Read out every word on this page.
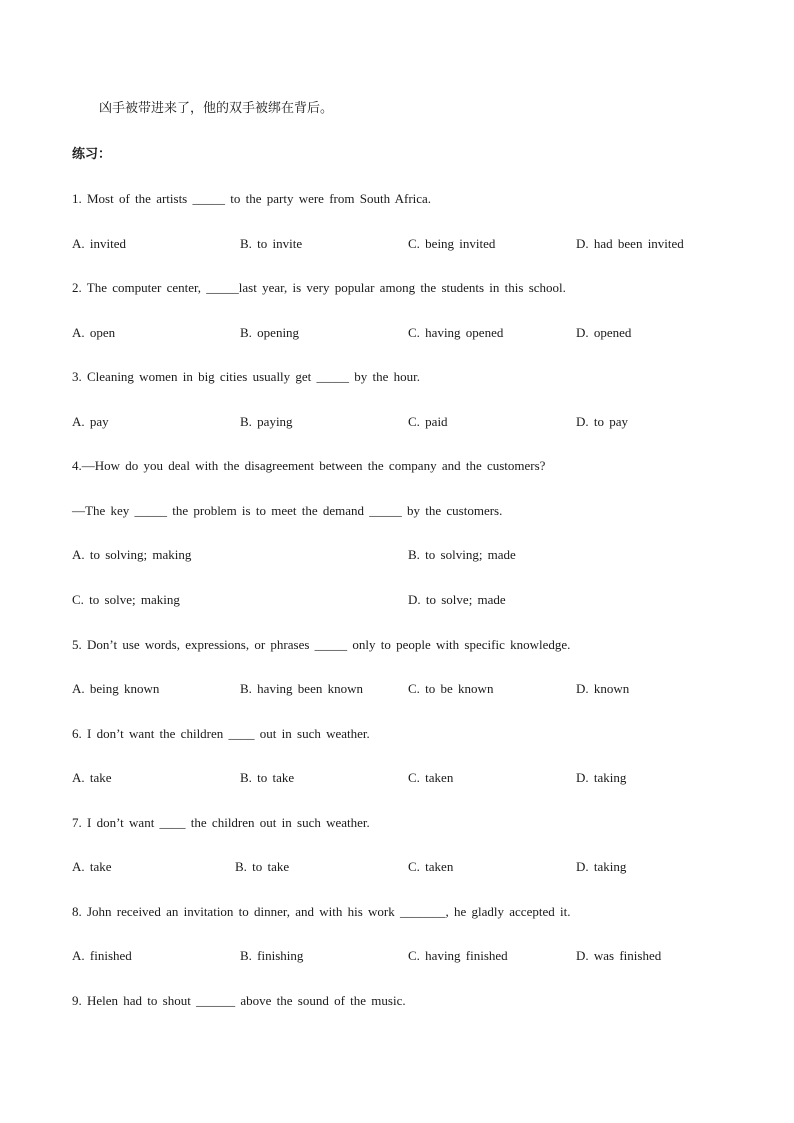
凶手被带进来了，他的双手被绑在背后。
练习：
1. Most of the artists _____ to the party were from South Africa.
A. invited	B. to invite	C. being invited	D. had been invited
2. The computer center, _____last year, is very popular among the students in this school.
A. open	B. opening	C. having opened	D. opened
3. Cleaning women in big cities usually get _____ by the hour.
A. pay	B. paying	C. paid	D. to pay
4.—How do you deal with the disagreement between the company and the customers?
—The key _____ the problem is to meet the demand _____ by the customers.
A. to solving; making	B. to solving; made
C. to solve; making	D. to solve; made
5. Don’t use words, expressions, or phrases _____ only to people with specific knowledge.
A. being known	B. having been known	C. to be known	D. known
6. I don’t want the children ____ out in such weather.
A. take	B. to take	C. taken	D. taking
7. I don’t want ____ the children out in such weather.
A. take	B. to take	C. taken	D. taking
8. John received an invitation to dinner, and with his work _______, he gladly accepted it.
A. finished	B. finishing	C. having finished	D. was finished
9. Helen had to shout ______ above the sound of the music.
